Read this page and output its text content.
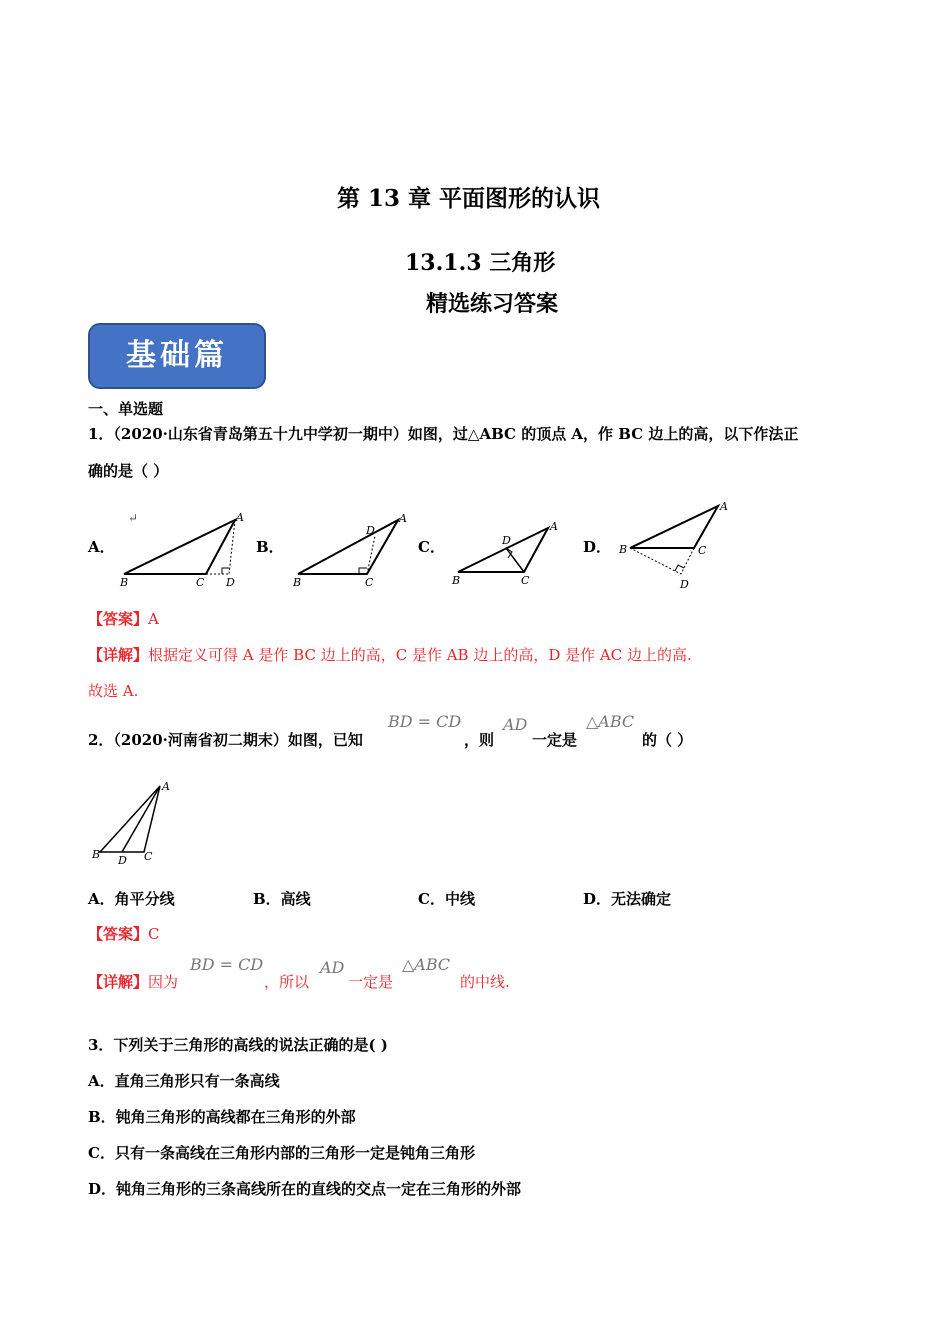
第 13 章 平面图形的认识
13.1.3 三角形
精选练习答案
基础篇
一、单选题
1．（2020·山东省青岛第五十九中学初一期中）如图，过△ABC 的顶点 A，作 BC 边上的高，以下作法正
确的是（ ）
A．	B．	C．	D．
↵	A
B	C D
A
D
B	C
A
D
B	C
A
B	C
D
【答案】A
【详解】根据定义可得 A 是作 BC 边上的高，C 是作 AB 边上的高，D 是作 AC 边上的高.
故选 A.
2．（2020·河南省初二期末）如图，已知
BD = CD
，则
AD
一定是
△ABC
的（ ）
A
B D C
A．角平分线	B．高线	C．中线	D．无法确定
【答案】C
【详解】因为
BD = CD
，所以
AD
一定是
△ABC
的中线.
3．下列关于三角形的高线的说法正确的是( )
A．直角三角形只有一条高线
B．钝角三角形的高线都在三角形的外部
C．只有一条高线在三角形内部的三角形一定是钝角三角形
D．钝角三角形的三条高线所在的直线的交点一定在三角形的外部
